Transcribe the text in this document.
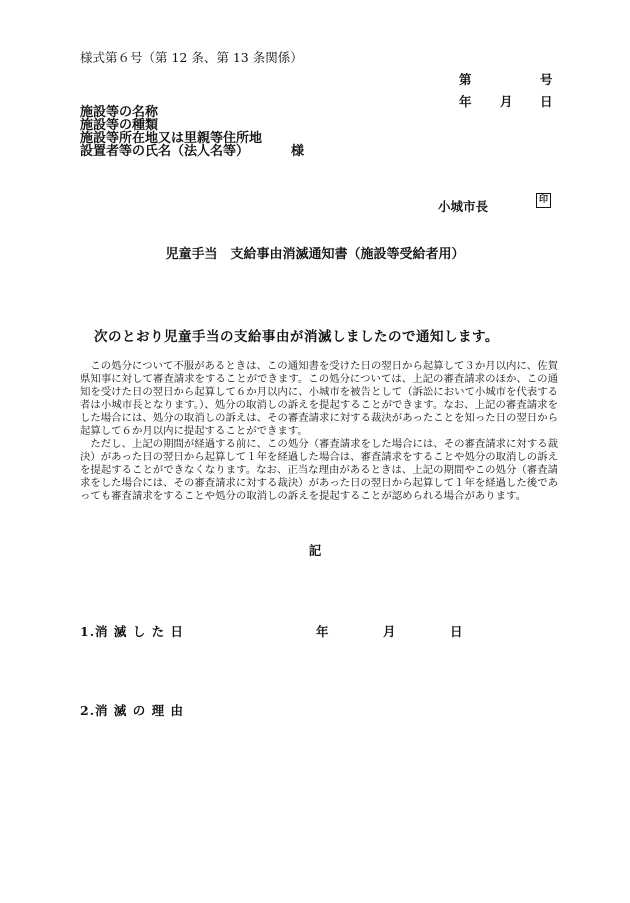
様式第６号（第 12 条、第 13 条関係）
第	号
年 月 日
施設等の名称
施設等の種類
施設等所在地又は里親等住所地
設置者等の氏名（法人名等）	様
小城市長	印
児童手当　支給事由消滅通知書（施設等受給者用）
次のとおり児童手当の支給事由が消滅しましたので通知します。

この処分について不服があるときは、この通知書を受けた日の翌日から起算して３か月以内に、佐賀県知事に対して審査請求をすることができます。この処分については、上記の審査請求のほか、この通知を受けた日の翌日から起算して６か月以内に、小城市を被告として（訴訟において小城市を代表する者は小城市長となります。）、処分の取消しの訴えを提起することができます。なお、上記の審査請求をした場合には、処分の取消しの訴えは、その審査請求に対する裁決があったことを知った日の翌日から起算して６か月以内に提起することができます。

ただし、上記の期間が経過する前に、この処分（審査請求をした場合には、その審査請求に対する裁決）があった日の翌日から起算して１年を経過した場合は、審査請求をすることや処分の取消しの訴えを提起することができなくなります。なお、正当な理由があるときは、上記の期間やこの処分（審査請求をした場合には、その審査請求に対する裁決）があった日の翌日から起算して１年を経過した後であっても審査請求をすることや処分の取消しの訴えを提起することが認められる場合があります。

記
1.消 滅 し た 日	年	月	日
2.消 滅 の 理 由
